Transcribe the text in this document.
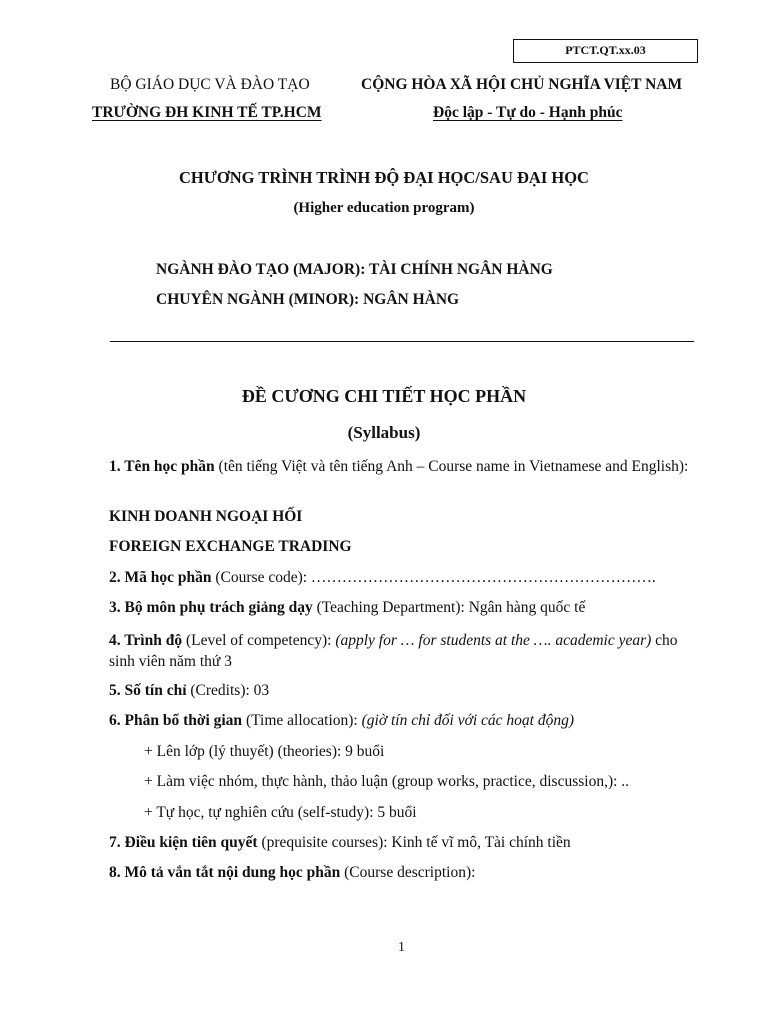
PTCT.QT.xx.03
BỘ GIÁO DỤC VÀ ĐÀO TẠO
TRƯỜNG ĐH KINH TẾ TP.HCM
CỘNG HÒA XÃ HỘI CHỦ NGHĨA VIỆT NAM
Độc lập - Tự do - Hạnh phúc
CHƯƠNG TRÌNH TRÌNH ĐỘ ĐẠI HỌC/SAU ĐẠI HỌC
(Higher education program)
NGÀNH ĐÀO TẠO (MAJOR): TÀI CHÍNH NGÂN HÀNG
CHUYÊN NGÀNH (MINOR): NGÂN HÀNG
ĐỀ CƯƠNG CHI TIẾT HỌC PHẦN
(Syllabus)
1. Tên học phần (tên tiếng Việt và tên tiếng Anh – Course name in Vietnamese and English):
KINH DOANH NGOẠI HỐI
FOREIGN EXCHANGE TRADING
2. Mã học phần (Course code): ………………………………………………………….
3. Bộ môn phụ trách giảng dạy (Teaching Department): Ngân hàng quốc tế
4. Trình độ (Level of competency): (apply for … for students at the …. academic year) cho sinh viên năm thứ 3
5. Số tín chỉ (Credits): 03
6. Phân bổ thời gian (Time allocation): (giờ tín chỉ đối với các hoạt động)
+ Lên lớp (lý thuyết) (theories): 9 buổi
+ Làm việc nhóm, thực hành, thảo luận (group works, practice, discussion,): ..
+ Tự học, tự nghiên cứu (self-study): 5 buổi
7. Điều kiện tiên quyết (prequisite courses): Kinh tế vĩ mô, Tài chính tiền
8. Mô tả vắn tắt nội dung học phần (Course description):
1
